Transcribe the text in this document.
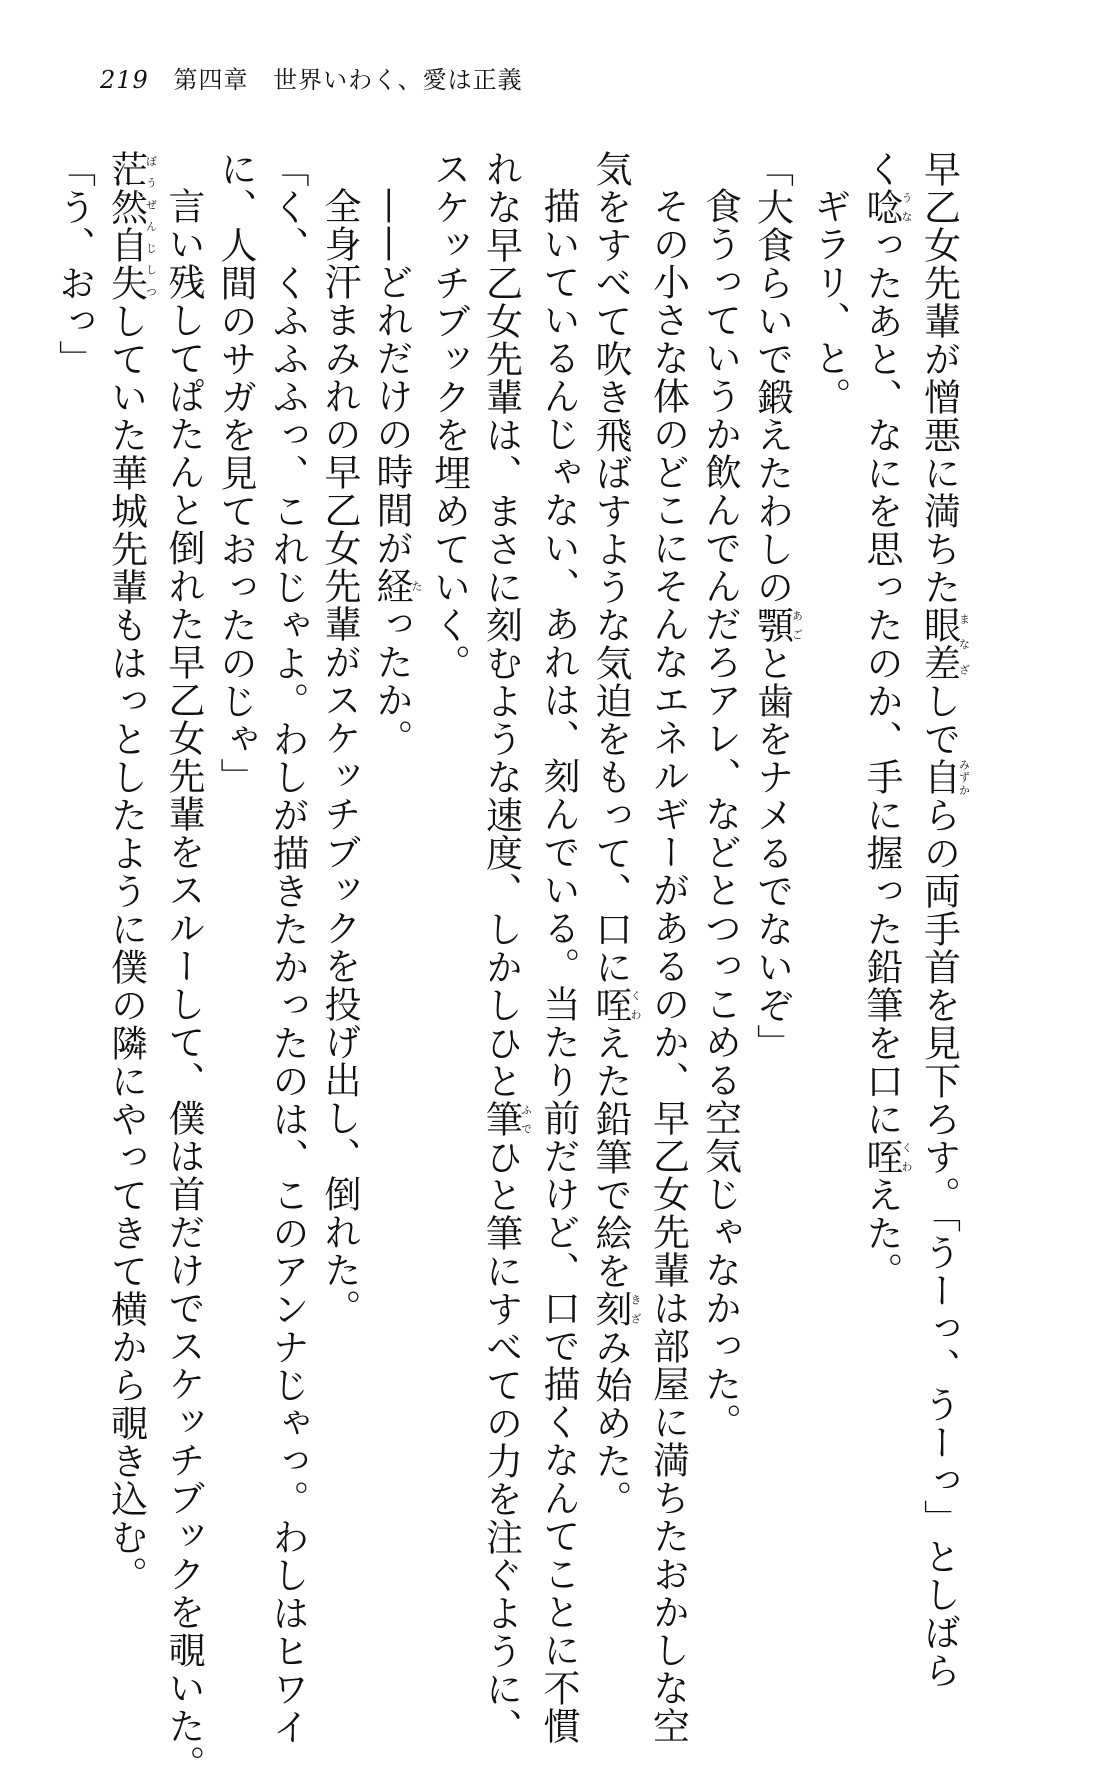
219 第四章 世界いわく、愛は正義
早乙女先輩が憎悪に満ちた眼差まなざしで自みずからの両手首を見下ろす。「うーっ、うーっ」としばら
く唸うなったあと、なにを思ったのか、手に握った鉛筆を口に咥くわえた。
ギラリ、と。
「大食らいで鍛えたわしの顎あごと歯をナメるでないぞ」
食うっていうか飲んでんだろアレ、などとつっこめる空気じゃなかった。
その小さな体のどこにそんなエネルギーがあるのか、早乙女先輩は部屋に満ちたおかしな空
気をすべて吹き飛ばすような気迫をもって、口に咥くわえた鉛筆で絵を刻きざみ始めた。
描いているんじゃない、あれは、刻んでいる。当たり前だけど、口で描くなんてことに不慣
れな早乙女先輩は、まさに刻むような速度、しかしひと筆ふでひと筆にすべての力を注ぐように、
スケッチブックを埋めていく。
——どれだけの時間が経たったか。
全身汗まみれの早乙女先輩がスケッチブックを投げ出し、倒れた。
「く、くふふふっ、これじゃよ。わしが描きたかったのは、このアンナじゃっ。わしはヒワイ
に、人間のサガを見ておったのじゃ」
言い残してぱたんと倒れた早乙女先輩をスルーして、僕は首だけでスケッチブックを覗いた。
茫然自失ぼうぜんじしつしていた華城先輩もはっとしたように僕の隣にやってきて横から覗き込む。
「う、おっ」
